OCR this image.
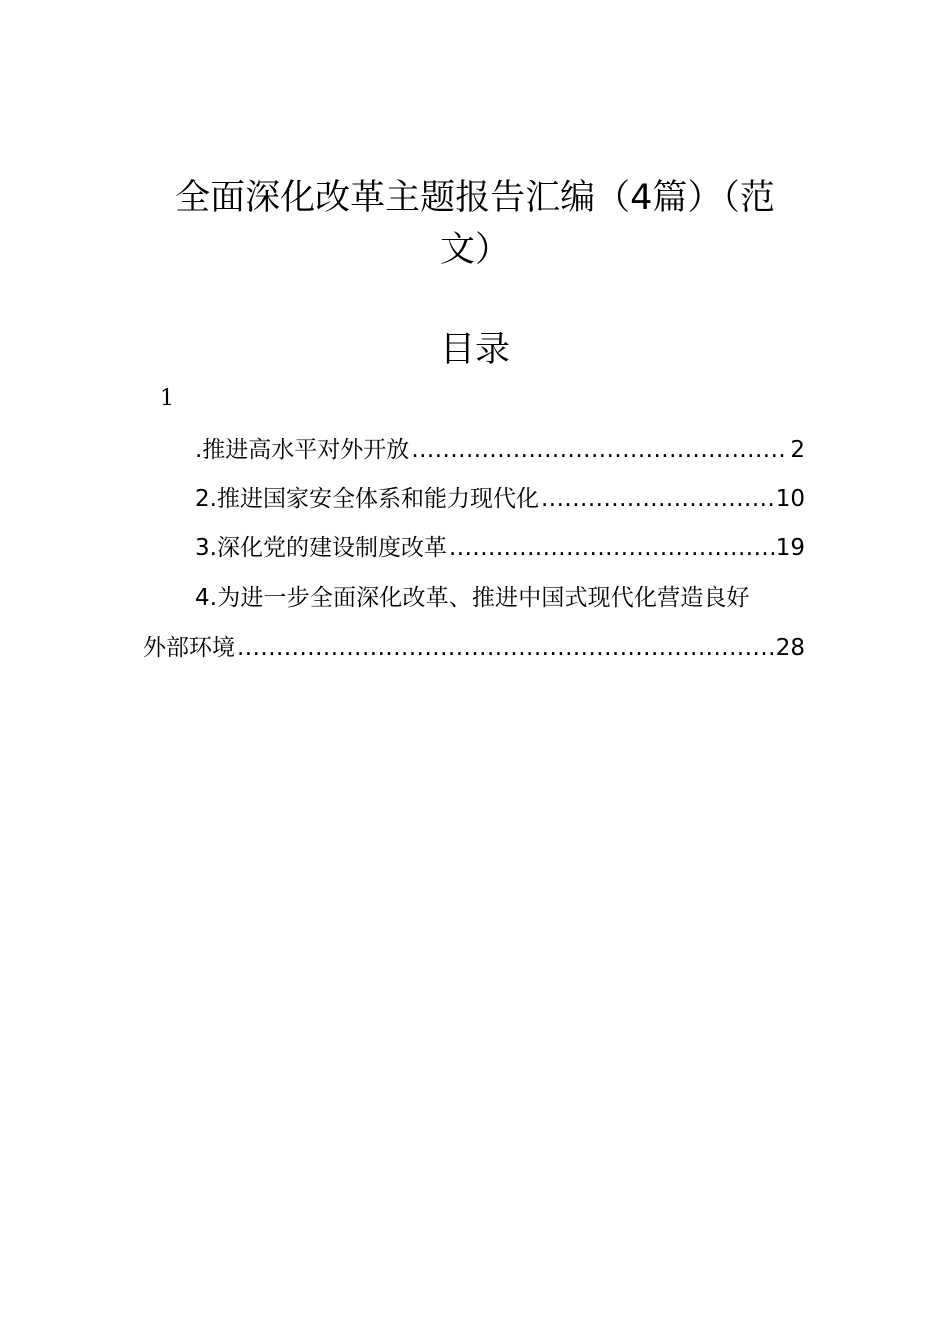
全面深化改革主题报告汇编（4篇）（范
文）
目录
1
.推进高水平对外开放 .....	2
2.推进国家安全体系和能力现代化 .....	10
3.深化党的建设制度改革 .....	19
4.为进一步全面深化改革、推进中国式现代化营造良好
外部环境 .....	28
